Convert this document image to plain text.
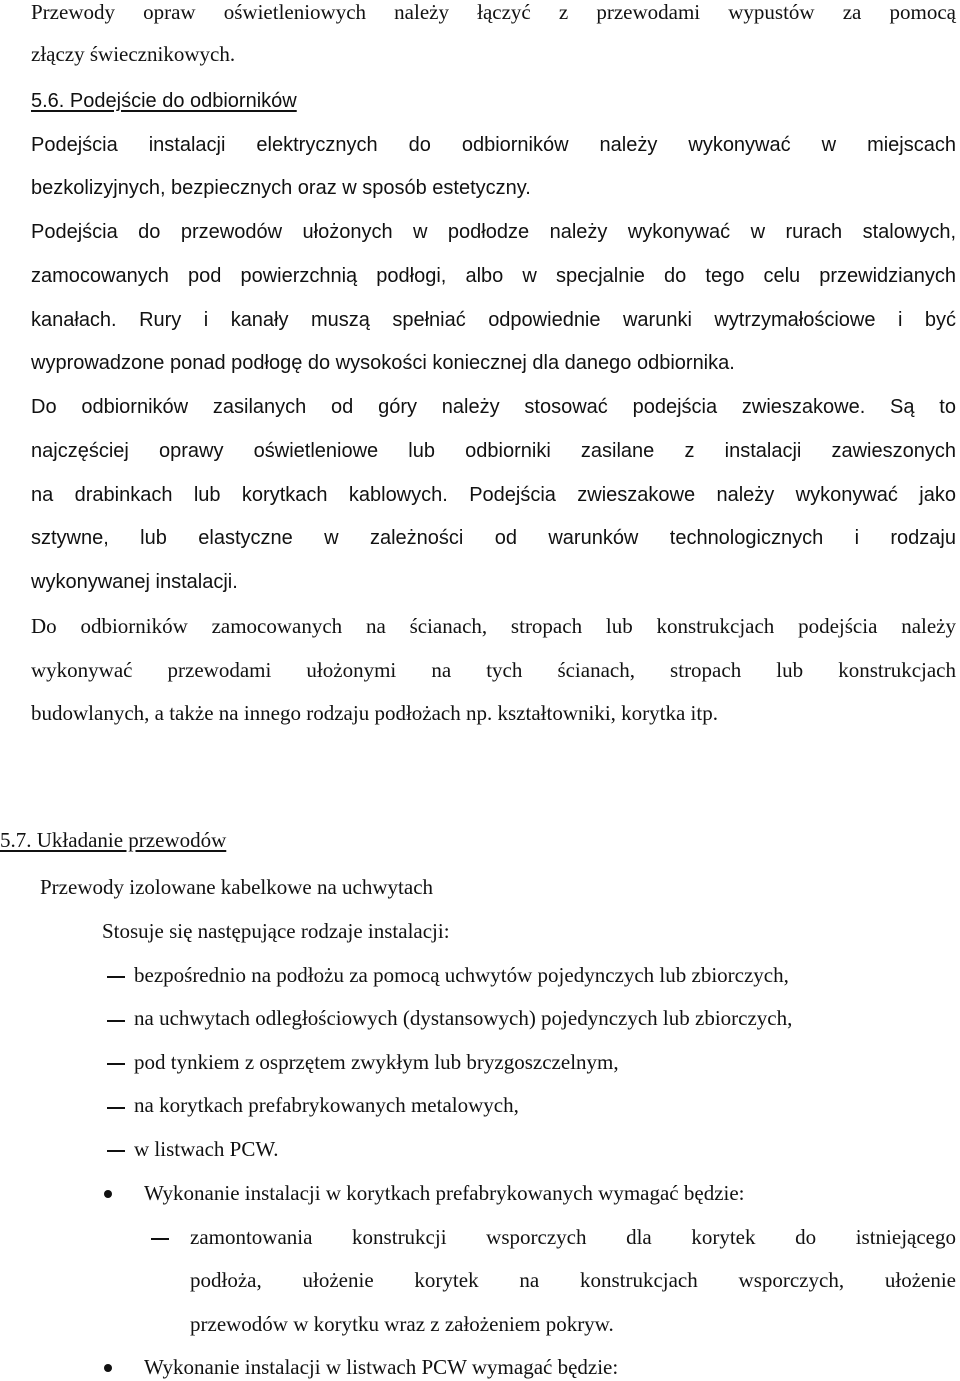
Przewody opraw oświetleniowych należy łączyć z przewodami wypustów za pomocą
złączy świecznikowych.
5.6. Podejście do odbiorników
Podejścia instalacji elektrycznych do odbiorników należy wykonywać w miejscach
bezkolizyjnych, bezpiecznych oraz w sposób estetyczny.
Podejścia do przewodów ułożonych w podłodze należy wykonywać w rurach stalowych,
zamocowanych pod powierzchnią podłogi, albo w specjalnie do tego celu przewidzianych
kanałach. Rury i kanały muszą spełniać odpowiednie warunki wytrzymałościowe i być
wyprowadzone ponad podłogę do wysokości koniecznej dla danego odbiornika.
Do odbiorników zasilanych od góry należy stosować podejścia zwieszakowe. Są to
najczęściej oprawy oświetleniowe lub odbiorniki zasilane z instalacji zawieszonych
na drabinkach lub korytkach kablowych. Podejścia zwieszakowe należy wykonywać jako
sztywne, lub elastyczne w zależności od warunków technologicznych i rodzaju
wykonywanej instalacji.
Do odbiorników zamocowanych na ścianach, stropach lub konstrukcjach podejścia należy
wykonywać przewodami ułożonymi na tych ścianach, stropach lub konstrukcjach
budowlanych, a także na innego rodzaju podłożach np. kształtowniki, korytka itp.
5.7. Układanie przewodów
Przewody izolowane kabelkowe na uchwytach
Stosuje się następujące rodzaje instalacji:
bezpośrednio na podłożu za pomocą uchwytów pojedynczych lub zbiorczych,
na uchwytach odległościowych (dystansowych) pojedynczych lub zbiorczych,
pod tynkiem z osprzętem zwykłym lub bryzgoszczelnym,
na korytkach prefabrykowanych metalowych,
w listwach PCW.
Wykonanie instalacji w korytkach prefabrykowanych wymagać będzie:
zamontowania konstrukcji wsporczych dla korytek do istniejącego
podłoża, ułożenie korytek na konstrukcjach wsporczych, ułożenie
przewodów w korytku wraz z założeniem pokryw.
Wykonanie instalacji w listwach PCW wymagać będzie:
